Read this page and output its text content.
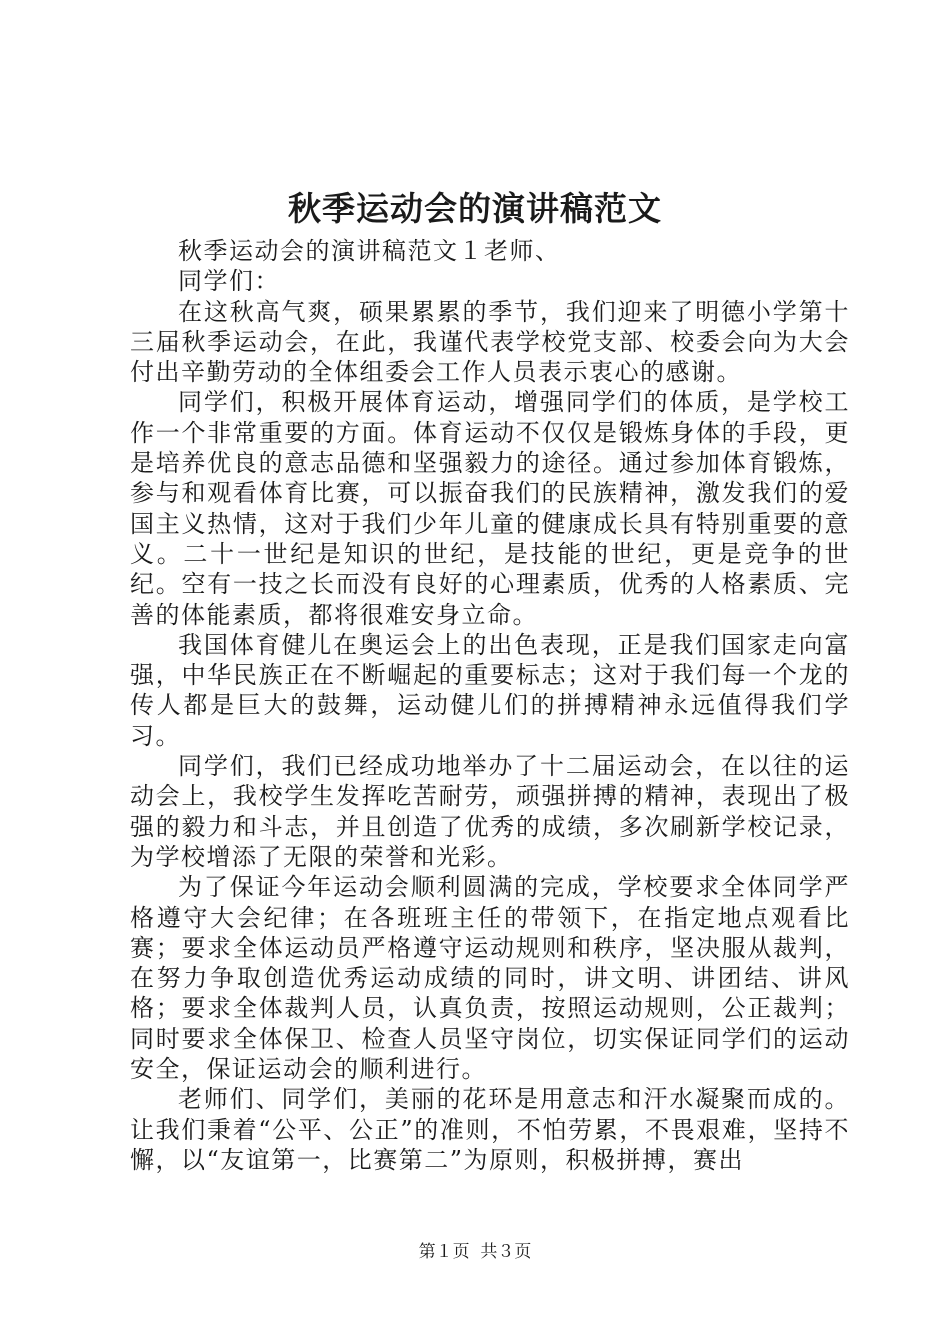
秋季运动会的演讲稿范文

秋季运动会的演讲稿范文１老师、

同学们：

在这秋高气爽，硕果累累的季节，我们迎来了明德小学第十三届秋季运动会，在此，我谨代表学校党支部、校委会向为大会付出辛勤劳动的全体组委会工作人员表示衷心的感谢。

同学们，积极开展体育运动，增强同学们的体质，是学校工作一个非常重要的方面。体育运动不仅仅是锻炼身体的手段，更是培养优良的意志品德和坚强毅力的途径。通过参加体育锻炼，参与和观看体育比赛，可以振奋我们的民族精神，激发我们的爱国主义热情，这对于我们少年儿童的健康成长具有特别重要的意义。二十一世纪是知识的世纪，是技能的世纪，更是竞争的世纪。空有一技之长而没有良好的心理素质，优秀的人格素质、完善的体能素质，都将很难安身立命。

我国体育健儿在奥运会上的出色表现，正是我们国家走向富强，中华民族正在不断崛起的重要标志；这对于我们每一个龙的传人都是巨大的鼓舞，运动健儿们的拼搏精神永远值得我们学习。

同学们，我们已经成功地举办了十二届运动会，在以往的运动会上，我校学生发挥吃苦耐劳，顽强拼搏的精神，表现出了极强的毅力和斗志，并且创造了优秀的成绩，多次刷新学校记录，为学校增添了无限的荣誉和光彩。

为了保证今年运动会顺利圆满的完成，学校要求全体同学严格遵守大会纪律；在各班班主任的带领下，在指定地点观看比赛；要求全体运动员严格遵守运动规则和秩序，坚决服从裁判，在努力争取创造优秀运动成绩的同时，讲文明、讲团结、讲风格；要求全体裁判人员，认真负责，按照运动规则，公正裁判；同时要求全体保卫、检查人员坚守岗位，切实保证同学们的运动安全，保证运动会的顺利进行。

老师们、同学们，美丽的花环是用意志和汗水凝聚而成的。让我们秉着“公平、公正”的准则，不怕劳累，不畏艰难，坚持不懈，以“友谊第一，比赛第二”为原则，积极拼搏，赛出

第１页 共３页
